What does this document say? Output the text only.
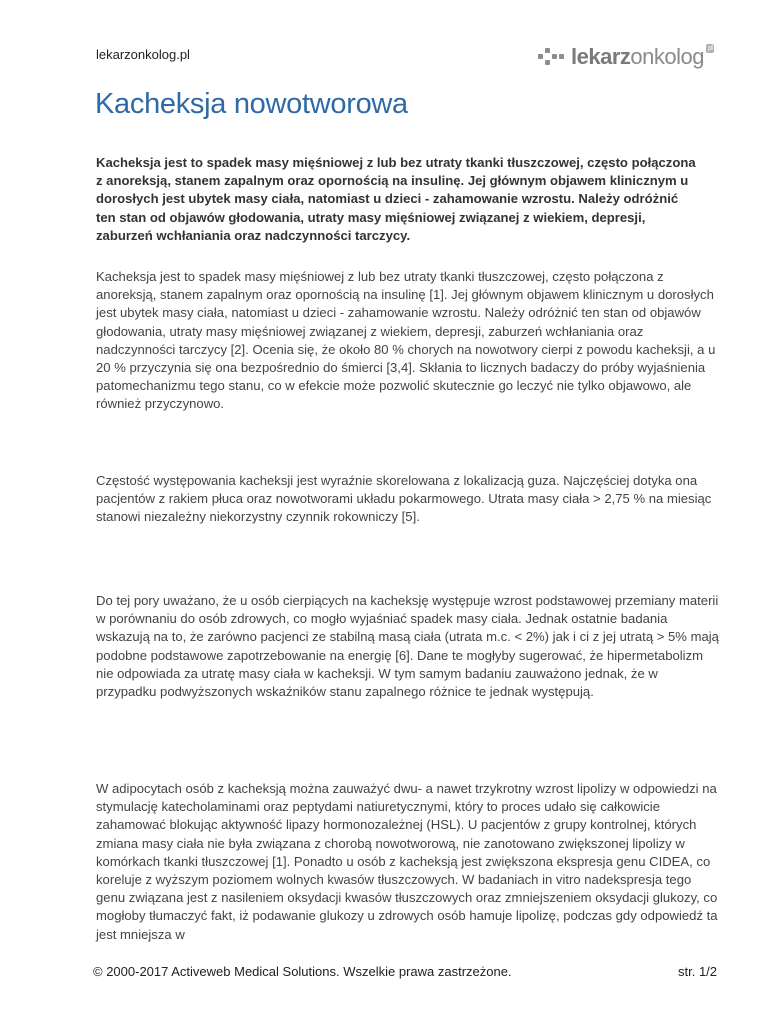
lekarzonkolog.pl	lekarzonkolog pl
Kacheksja nowotworowa

Kacheksja jest to spadek masy mięśniowej z lub bez utraty tkanki tłuszczowej, często połączona z anoreksją, stanem zapalnym oraz opornością na insulinę. Jej głównym objawem klinicznym u dorosłych jest ubytek masy ciała, natomiast u dzieci - zahamowanie wzrostu. Należy odróżnić ten stan od objawów głodowania, utraty masy mięśniowej związanej z wiekiem, depresji, zaburzeń wchłaniania oraz nadczynności tarczycy.

Kacheksja jest to spadek masy mięśniowej z lub bez utraty tkanki tłuszczowej, często połączona z anoreksją, stanem zapalnym oraz opornością na insulinę [1]. Jej głównym objawem klinicznym u dorosłych jest ubytek masy ciała, natomiast u dzieci - zahamowanie wzrostu. Należy odróżnić ten stan od objawów głodowania, utraty masy mięśniowej związanej z wiekiem, depresji, zaburzeń wchłaniania oraz nadczynności tarczycy [2]. Ocenia się, że około 80 % chorych na nowotwory cierpi z powodu kacheksji, a u 20 % przyczynia się ona bezpośrednio do śmierci [3,4]. Skłania to licznych badaczy do próby wyjaśnienia patomechanizmu tego stanu, co w efekcie może pozwolić skutecznie go leczyć nie tylko objawowo, ale również przyczynowo.

Częstość występowania kacheksji jest wyraźnie skorelowana z lokalizacją guza. Najczęściej dotyka ona pacjentów z rakiem płuca oraz nowotworami układu pokarmowego. Utrata masy ciała > 2,75 % na miesiąc stanowi niezależny niekorzystny czynnik rokowniczy [5].

Do tej pory uważano, że u osób cierpiących na kacheksję występuje wzrost podstawowej przemiany materii w porównaniu do osób zdrowych, co mogło wyjaśniać spadek masy ciała. Jednak ostatnie badania wskazują na to, że zarówno pacjenci ze stabilną masą ciała (utrata m.c. < 2%) jak i ci z jej utratą > 5% mają podobne podstawowe zapotrzebowanie na energię [6]. Dane te mogłyby sugerować, że hipermetabolizm nie odpowiada za utratę masy ciała w kacheksji. W tym samym badaniu zauważono jednak, że w przypadku podwyższonych wskaźników stanu zapalnego różnice te jednak występują.

W adipocytach osób z kacheksją można zauważyć dwu- a nawet trzykrotny wzrost lipolizy w odpowiedzi na stymulację katecholaminami oraz peptydami natiuretycznymi, który to proces udało się całkowicie zahamować blokując aktywność lipazy hormonozależnej (HSL). U pacjentów z grupy kontrolnej, których zmiana masy ciała nie była związana z chorobą nowotworową, nie zanotowano zwiększonej lipolizy w komórkach tkanki tłuszczowej [1]. Ponadto u osób z kacheksją jest zwiększona ekspresja genu CIDEA, co koreluje z wyższym poziomem wolnych kwasów tłuszczowych. W badaniach in vitro nadekspresja tego genu związana jest z nasileniem oksydacji kwasów tłuszczowych oraz zmniejszeniem oksydacji glukozy, co mogłoby tłumaczyć fakt, iż podawanie glukozy u zdrowych osób hamuje lipolizę, podczas gdy odpowiedź ta jest mniejsza w

© 2000-2017 Activeweb Medical Solutions. Wszelkie prawa zastrzeżone.	str. 1/2
